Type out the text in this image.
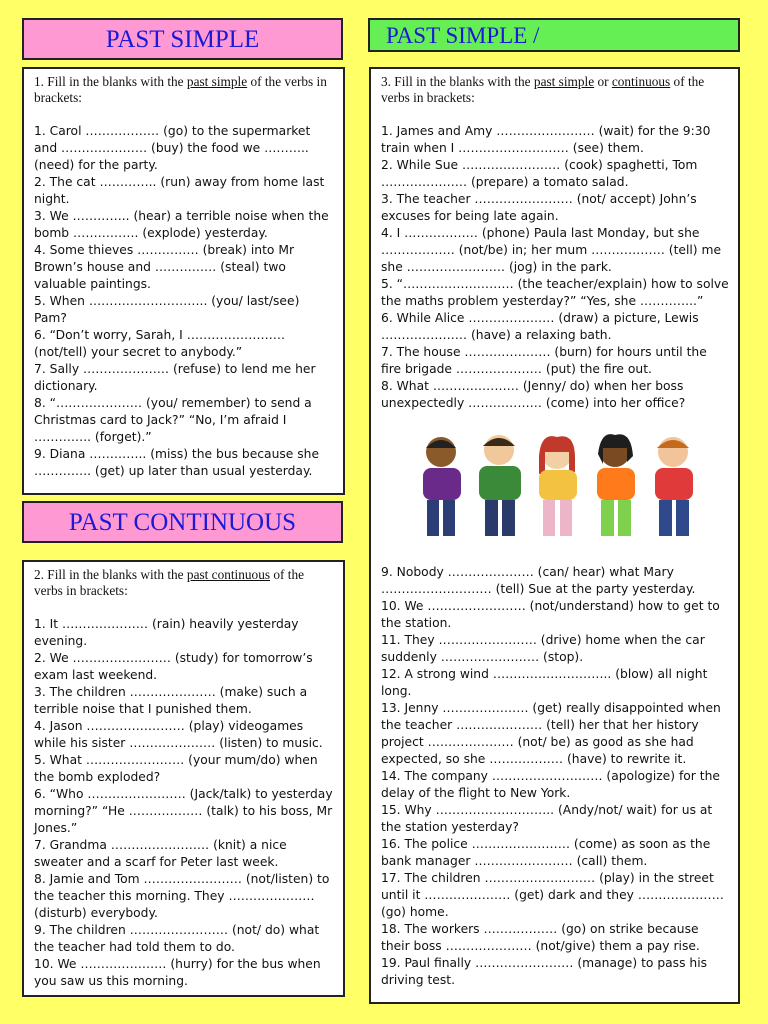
PAST SIMPLE	PAST SIMPLE /
PAST CONTINUOUS
1. Fill in the blanks with the past simple of the verbs in brackets:

1. Carol ……………… (go) to the supermarket and ………………… (buy) the food we ……….. (need) for the party.

2. The cat ………….. (run) away from home last night.

3. We ………….. (hear) a terrible noise when the bomb ……………. (explode) yesterday.

4. Some thieves …………… (break) into Mr Brown’s house and …………… (steal) two valuable paintings.

5. When ……………………….. (you/ last/see) Pam?

6. “Don’t worry, Sarah, I …………………… (not/tell) your secret to anybody.”

7. Sally ………………… (refuse) to lend me her dictionary.

8. “………………… (you/ remember) to send a Christmas card to Jack?” “No, I’m afraid I ………….. (forget).”

9. Diana ………….. (miss) the bus because she ………….. (get) up later than usual yesterday.

2. Fill in the blanks with the past continuous of the verbs in brackets:

1. It ………………… (rain) heavily yesterday evening.

2. We …………………… (study) for tomorrow’s exam last weekend.

3. The children ………………… (make) such a terrible noise that I punished them.

4. Jason …………………… (play) videogames while his sister ………………… (listen) to music.

5. What …………………… (your mum/do) when the bomb exploded?

6. “Who …………………… (Jack/talk) to yesterday morning?” “He ……………… (talk) to his boss, Mr Jones.”

7. Grandma …………………… (knit) a nice sweater and a scarf for Peter last week.

8. Jamie and Tom …………………… (not/listen) to the teacher this morning. They ………………… (disturb) everybody.

9. The children …………………… (not/ do) what the teacher had told them to do.

10. We ………………… (hurry) for the bus when you saw us this morning.

3. Fill in the blanks with the past simple or continuous of the verbs in brackets:

1. James and Amy …………………… (wait) for the 9:30 train when I ……………………… (see) them.

2. While Sue …………………… (cook) spaghetti, Tom ………………… (prepare) a tomato salad.

3. The teacher …………………… (not/ accept) John’s excuses for being late again.

4. I ……………… (phone) Paula last Monday, but she ……………… (not/be) in; her mum ……………… (tell) me she …………………… (jog) in the park.

5. “……………………… (the teacher/explain) how to solve the maths problem yesterday?” “Yes, she …………..”

6. While Alice ………………… (draw) a picture, Lewis ………………… (have) a relaxing bath.

7. The house ………………… (burn) for hours until the fire brigade ………………… (put) the fire out.

8. What ………………… (Jenny/ do) when her boss unexpectedly ……………… (come) into her office?

9. Nobody ………………… (can/ hear) what Mary ……………………… (tell) Sue at the party yesterday.

10. We …………………… (not/understand) how to get to the station.

11. They …………………… (drive) home when the car suddenly …………………… (stop).

12. A strong wind ……………………….. (blow) all night long.

13. Jenny ………………… (get) really disappointed when the teacher ………………… (tell) her that her history project ………………… (not/ be) as good as she had expected, so she ……………… (have) to rewrite it.

14. The company ……………………… (apologize) for the delay of the flight to New York.

15. Why ……………………….. (Andy/not/ wait) for us at the station yesterday?

16. The police …………………… (come) as soon as the bank manager …………………… (call) them.

17. The children ……………………… (play) in the street until it ………………… (get) dark and they ………………… (go) home.

18. The workers ……………… (go) on strike because their boss ………………… (not/give) them a pay rise.

19. Paul finally …………………… (manage) to pass his driving test.
